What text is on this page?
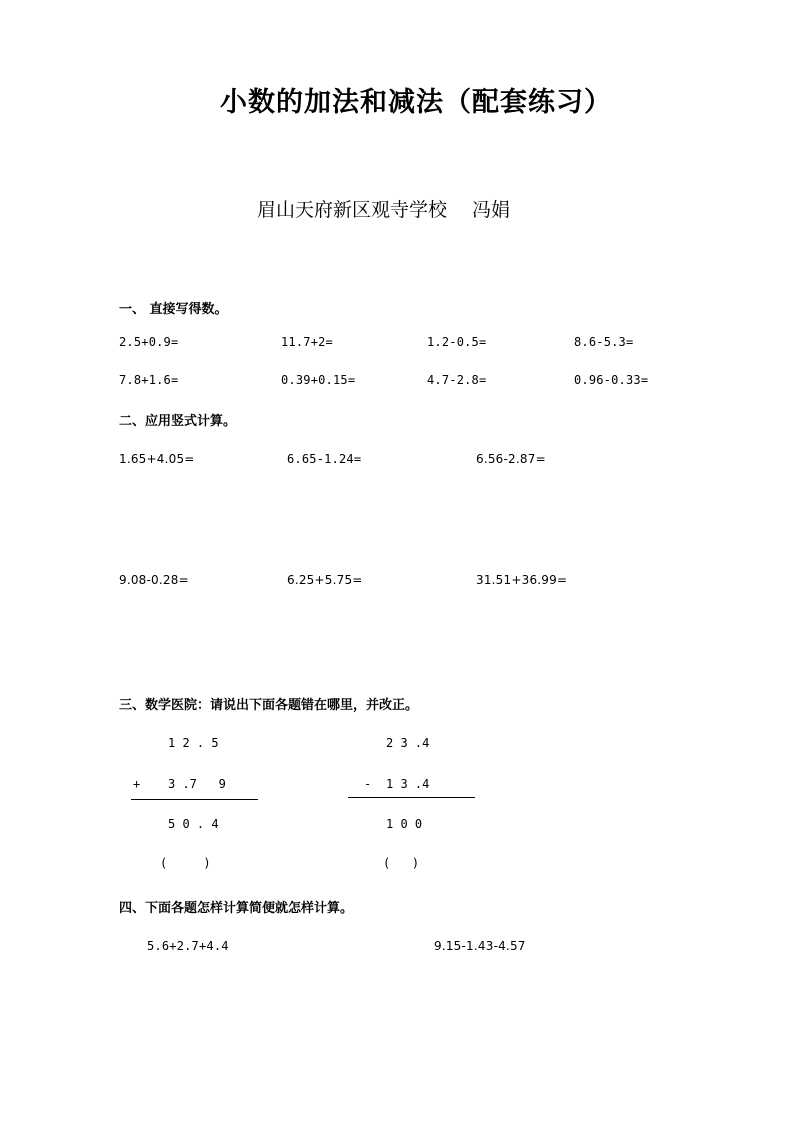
小数的加法和减法（配套练习）
眉山天府新区观寺学校　 冯娟
一、 直接写得数。
2.5+0.9=	11.7+2=	1.2-0.5=	8.6-5.3=
7.8+1.6=	0.39+0.15=	4.7-2.8=	0.96-0.33=
二、应用竖式计算。
1.65+4.05=	6.65-1.24=	6.56-2.87=
9.08-0.28=	6.25+5.75=	31.51+36.99=
三、数学医院：请说出下面各题错在哪里，并改正。
1 2 . 5
+ 3 .7   9
5 0 . 4
(     )
2 3 .4
- 1 3 .4
1 0 0
(   )
四、下面各题怎样计算简便就怎样计算。
5.6+2.7+4.4	9.15-1.43-4.57
